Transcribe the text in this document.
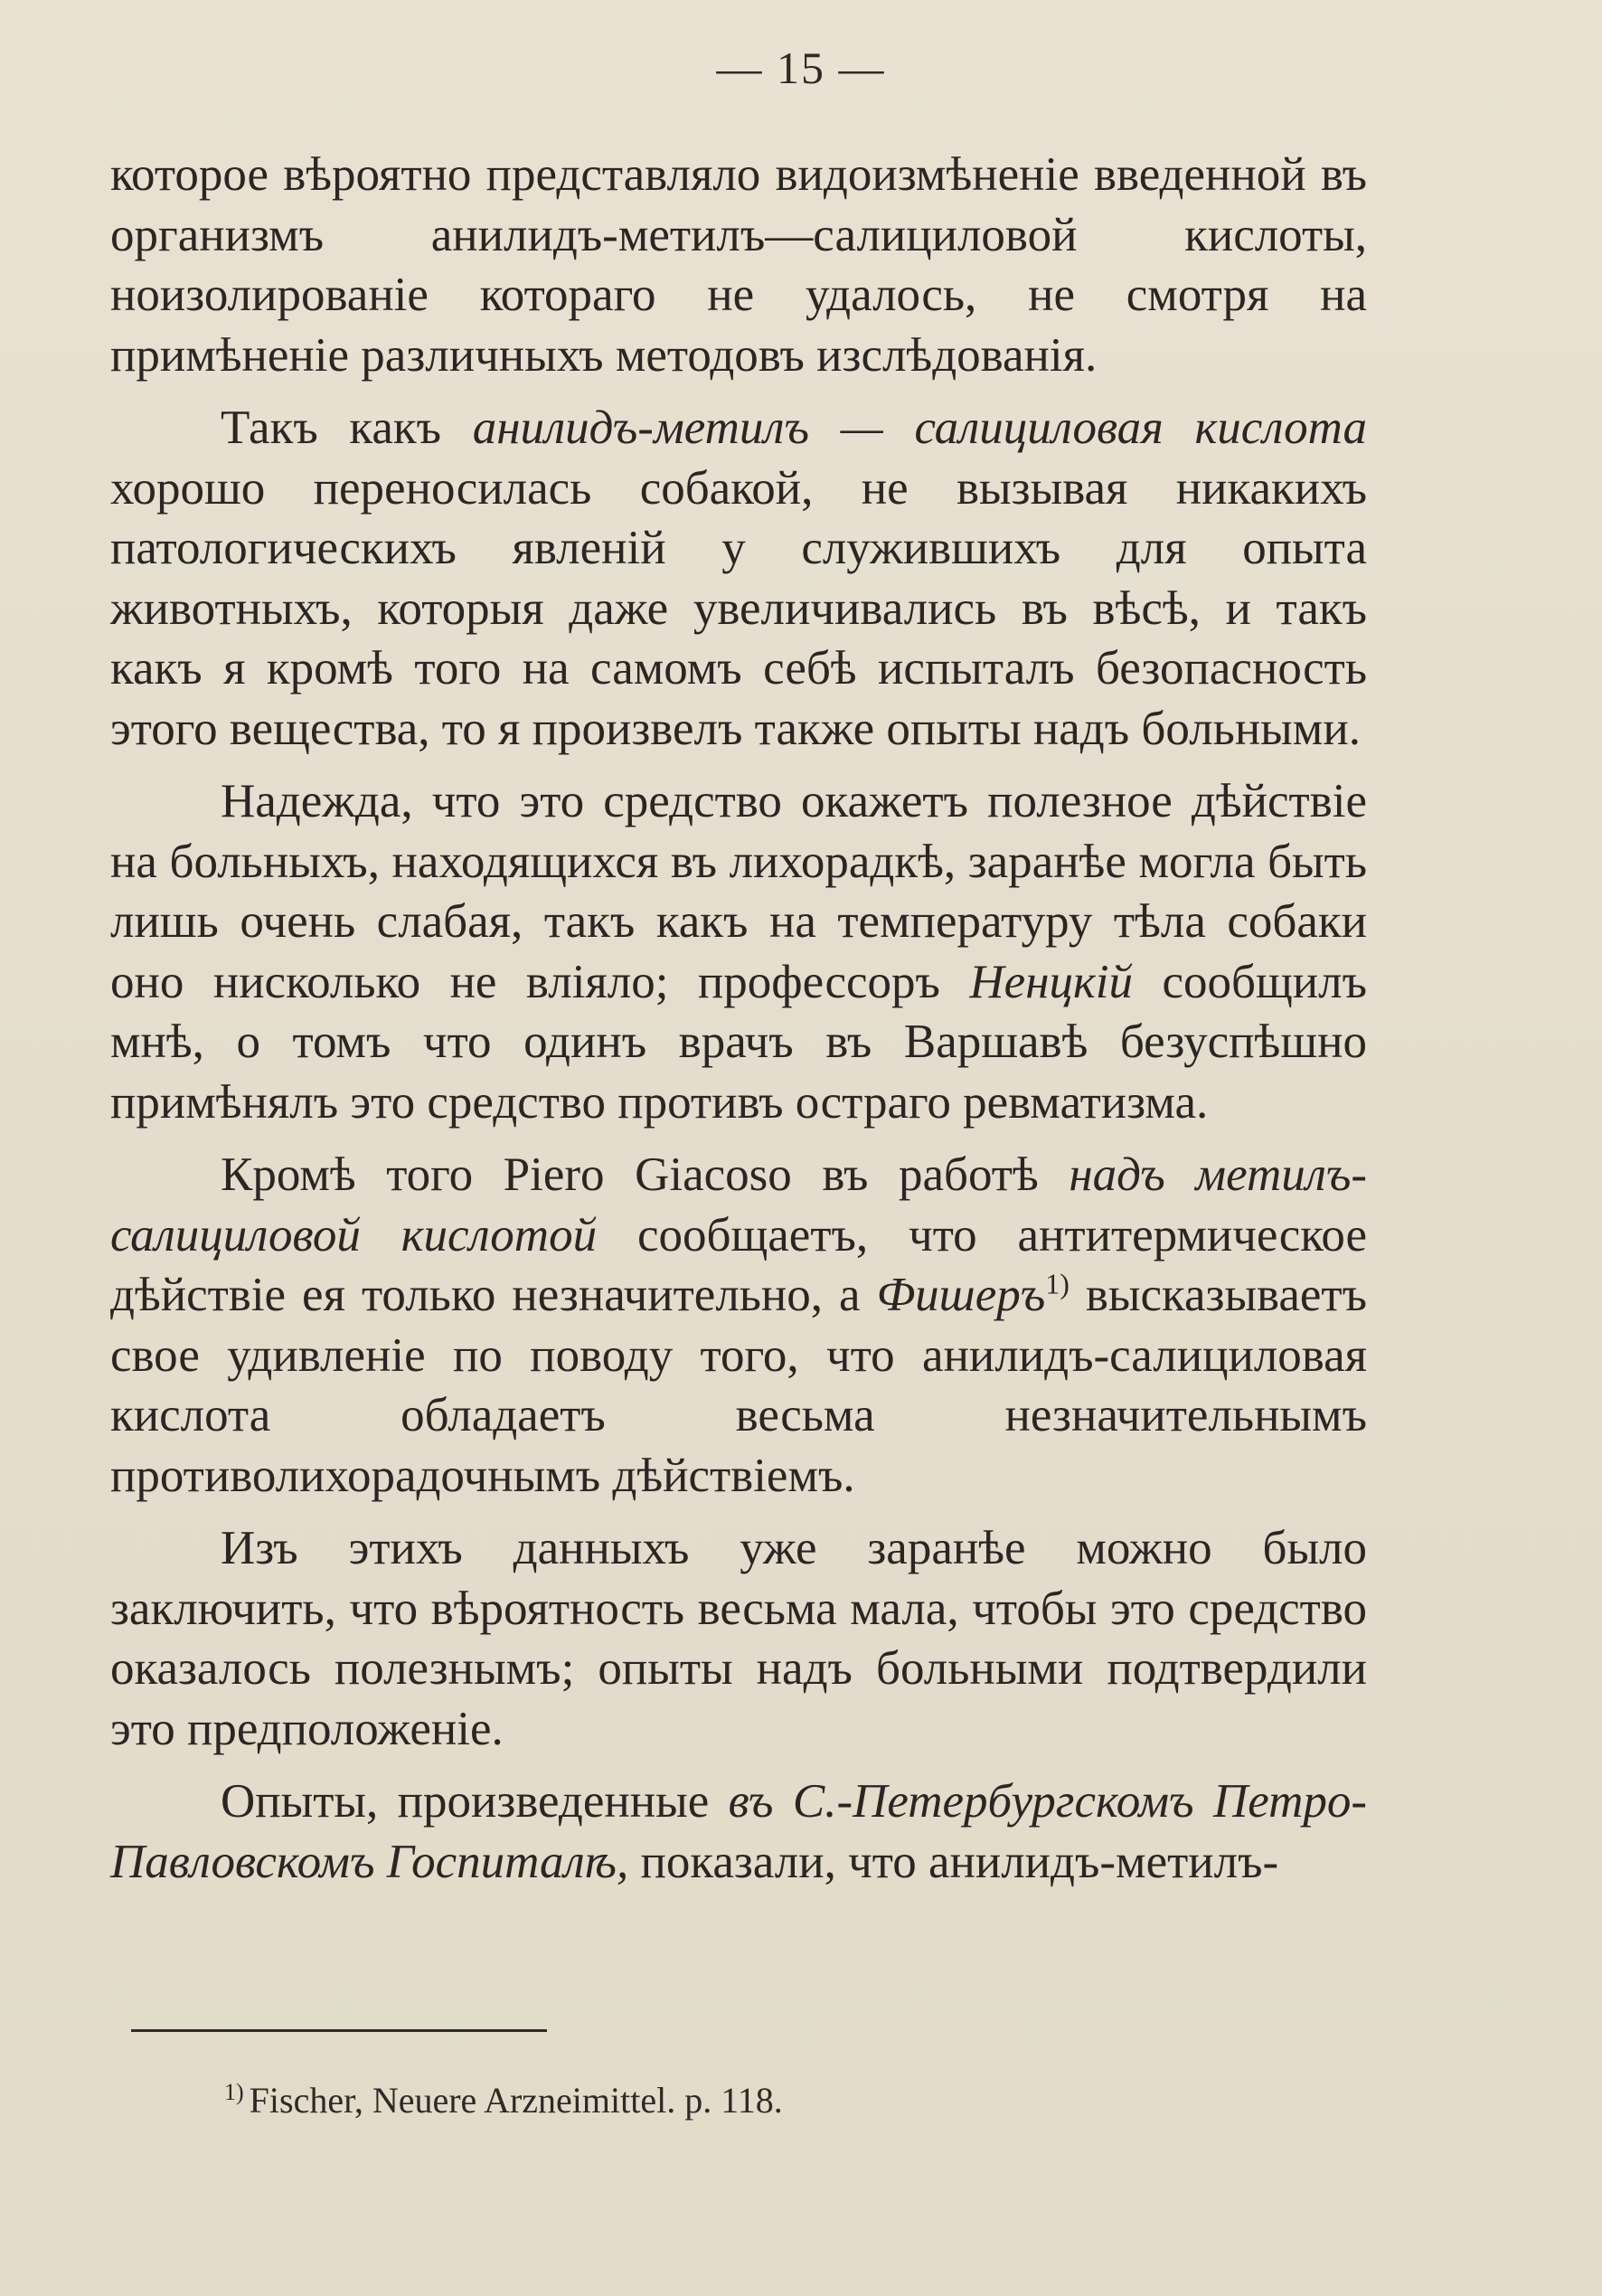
— 15 —

которое вѣроятно представляло видоизмѣненіе введенной въ организмъ анилидъ-метилъ—салициловой кислоты, ноизолированіе котораго не удалось, не смотря на примѣненіе различныхъ методовъ изслѣдованія.

Такъ какъ анилидъ-метилъ — салициловая кислота хорошо переносилась собакой, не вызывая никакихъ патологическихъ явленій у служившихъ для опыта животныхъ, которыя даже увеличивались въ вѣсѣ, и такъ какъ я кромѣ того на самомъ себѣ испыталъ безопасность этого вещества, то я произвелъ также опыты надъ больными.

Надежда, что это средство окажетъ полезное дѣйствіе на больныхъ, находящихся въ лихорадкѣ, заранѣе могла быть лишь очень слабая, такъ какъ на температуру тѣла собаки оно нисколько не вліяло; профессоръ Ненцкій сообщилъ мнѣ, о томъ что одинъ врачъ въ Варшавѣ безуспѣшно примѣнялъ это средство противъ остраго ревматизма.

Кромѣ того Piero Giacoso въ работѣ надъ метилъ-салициловой кислотой сообщаетъ, что антитермическое дѣйствіе ея только незначительно, а Фишеръ$^{1)}$ высказываетъ свое удивленіе по поводу того, что анилидъ-салициловая кислота обладаетъ весьма незначительнымъ противолихорадочнымъ дѣйствіемъ.

Изъ этихъ данныхъ уже заранѣе можно было заключить, что вѣроятность весьма мала, чтобы это средство оказалось полезнымъ; опыты надъ больными подтвердили это предположеніе.

Опыты, произведенные въ С.-Петербургскомъ Петро-Павловскомъ Госпиталѣ, показали, что анилидъ-метилъ-

$^{1)}$ Fischer, Neuere Arzneimittel. p. 118.
